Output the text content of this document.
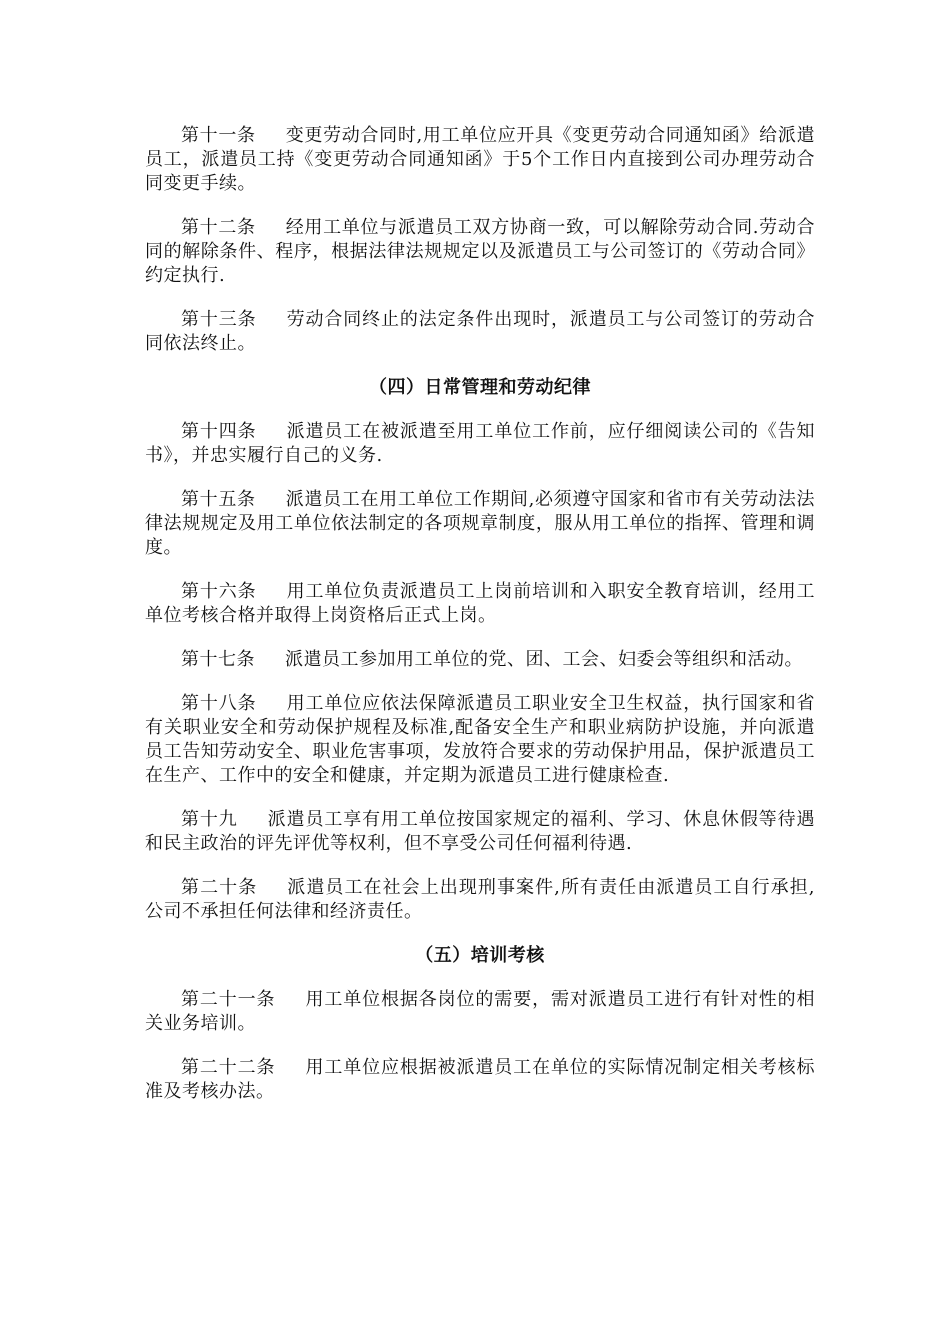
第十一条 变更劳动合同时,用工单位应开具《变更劳动合同通知函》给派遣员工，派遣员工持《变更劳动合同通知函》于5个工作日内直接到公司办理劳动合同变更手续。

第十二条 经用工单位与派遣员工双方协商一致，可以解除劳动合同.劳动合同的解除条件、程序，根据法律法规规定以及派遣员工与公司签订的《劳动合同》约定执行.

第十三条 劳动合同终止的法定条件出现时，派遣员工与公司签订的劳动合同依法终止。

（四）日常管理和劳动纪律

第十四条 派遣员工在被派遣至用工单位工作前，应仔细阅读公司的《告知书》，并忠实履行自己的义务.

第十五条 派遣员工在用工单位工作期间,必须遵守国家和省市有关劳动法法律法规规定及用工单位依法制定的各项规章制度，服从用工单位的指挥、管理和调度。

第十六条 用工单位负责派遣员工上岗前培训和入职安全教育培训，经用工单位考核合格并取得上岗资格后正式上岗。

第十七条 派遣员工参加用工单位的党、团、工会、妇委会等组织和活动。

第十八条 用工单位应依法保障派遣员工职业安全卫生权益，执行国家和省有关职业安全和劳动保护规程及标准,配备安全生产和职业病防护设施，并向派遣员工告知劳动安全、职业危害事项，发放符合要求的劳动保护用品，保护派遣员工在生产、工作中的安全和健康，并定期为派遣员工进行健康检查.

第十九 派遣员工享有用工单位按国家规定的福利、学习、休息休假等待遇和民主政治的评先评优等权利，但不享受公司任何福利待遇.

第二十条 派遣员工在社会上出现刑事案件,所有责任由派遣员工自行承担,公司不承担任何法律和经济责任。

（五）培训考核

第二十一条 用工单位根据各岗位的需要，需对派遣员工进行有针对性的相关业务培训。

第二十二条 用工单位应根据被派遣员工在单位的实际情况制定相关考核标准及考核办法。
